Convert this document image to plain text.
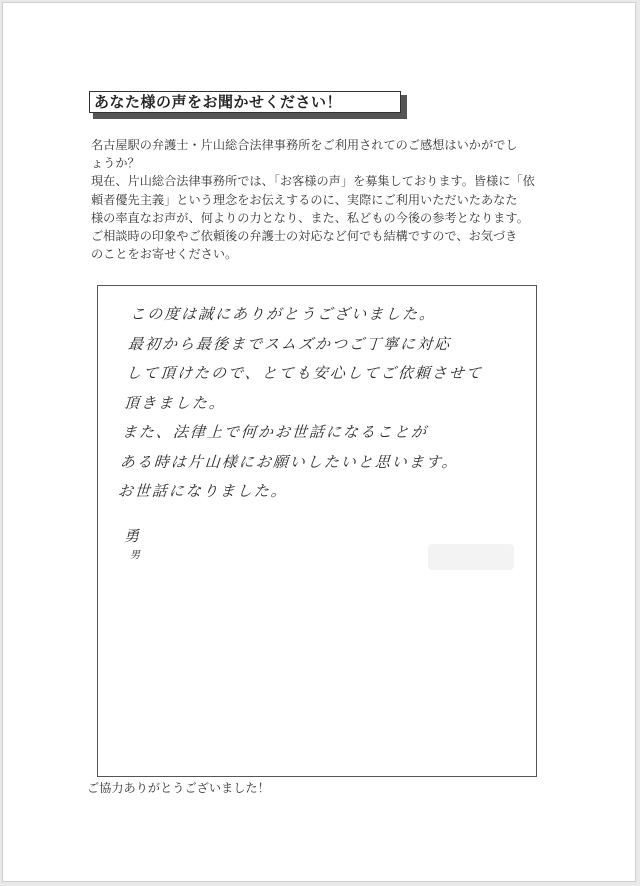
あなた様の声をお聞かせください！

名古屋駅の弁護士・片山総合法律事務所をご利用されてのご感想はいかがでし

ょうか？

現在、片山総合法律事務所では、「お客様の声」を募集しております。皆様に「依

頼者優先主義」という理念をお伝えするのに、実際にご利用いただいたあなた

様の率直なお声が、何よりの力となり、また、私どもの今後の参考となります。

ご相談時の印象やご依頼後の弁護士の対応など何でも結構ですので、お気づき

のことをお寄せください。

この度は誠にありがとうございました。
最初から最後までスムズかつご丁寧に対応
して頂けたので、とても安心してご依頼させて
頂きました。
また、法律上で何かお世話になることが
ある時は片山様にお願いしたいと思います。
お世話になりました。
勇
男
ご協力ありがとうございました！
